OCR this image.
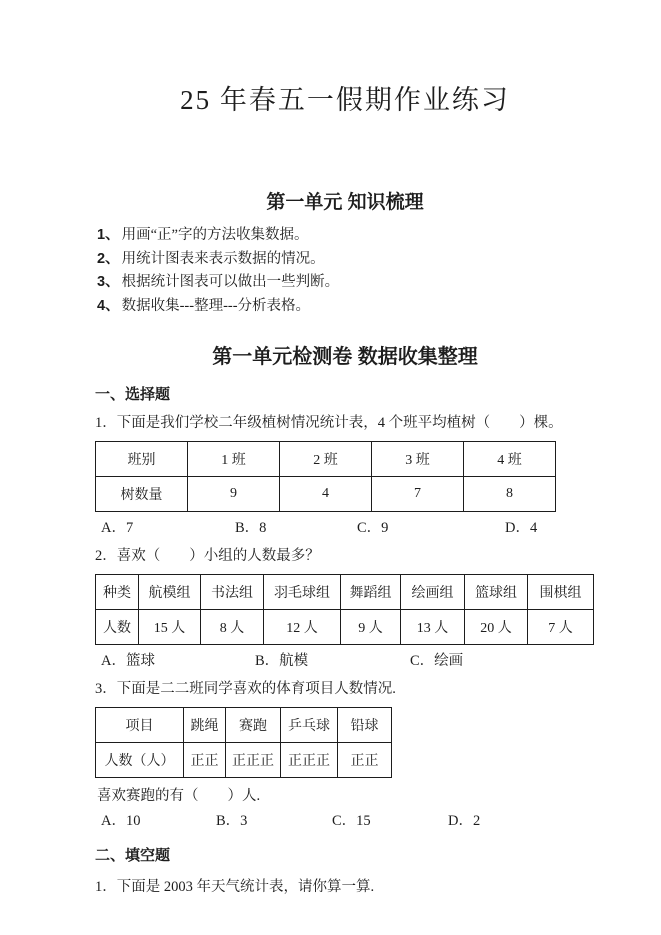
25 年春五一假期作业练习
第一单元 知识梳理

1、 用画“正”字的方法收集数据。

2、 用统计图表来表示数据的情况。

3、 根据统计图表可以做出一些判断。

4、 数据收集---整理---分析表格。

第一单元检测卷 数据收集整理
一、选择题

1．下面是我们学校二年级植树情况统计表，4 个班平均植树（　　）棵。

班别	1 班	2 班	3 班	4 班
树数量	9	4	7	8
A．7	B．8	C．9	D．4

2．喜欢（　　）小组的人数最多？

种类	航模组	书法组	羽毛球组	舞蹈组	绘画组	篮球组	围棋组
人数	15 人	8 人	12 人	9 人	13 人	20 人	7 人
A．篮球	B．航模	C．绘画

3．下面是二二班同学喜欢的体育项目人数情况.

项目	跳绳	赛跑	乒乓球	铅球
人数（人）	正正	正正正	正正正	正正

喜欢赛跑的有（　　）人.

A．10	B．3	C．15	D．2
二、填空题

1．下面是 2003 年天气统计表，请你算一算.
